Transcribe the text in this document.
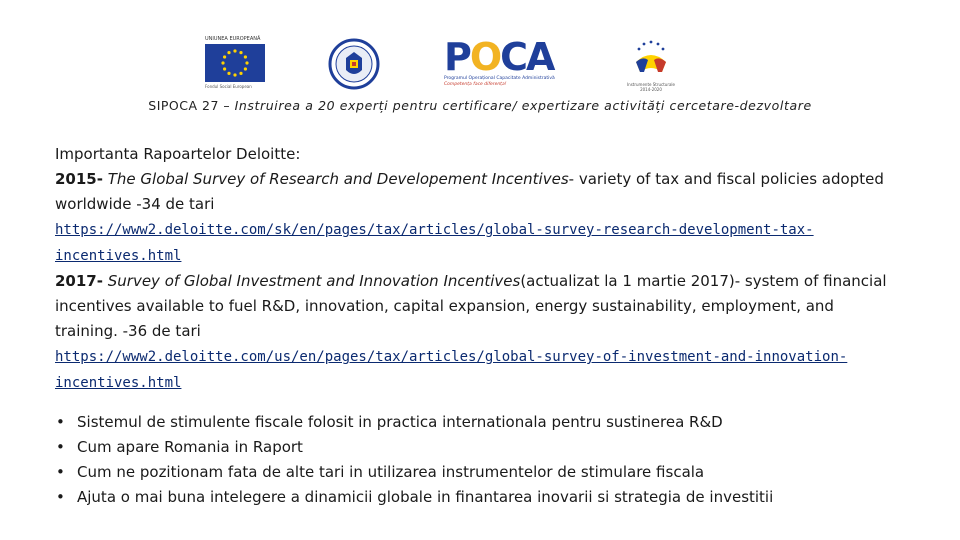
UNIUNEA EUROPEANĂ
Fondul Social European
POCA
Programul Operațional Capacitate Administrativă
Competența face diferența!	Instrumente Structurale
2014-2020
SIPOCA 27 – Instruirea a 20 experți pentru certificare/ expertizare activități cercetare-dezvoltare

Importanta Rapoartelor Deloitte:

2015- The Global Survey of Research and Developement Incentives- variety of tax and fiscal policies adopted worldwide -34 de tari

https://www2.deloitte.com/sk/en/pages/tax/articles/global-survey-research-development-tax-incentives.html

2017- Survey of Global Investment and Innovation Incentives(actualizat la 1 martie 2017)- system of financial incentives available to fuel R&D, innovation, capital expansion, energy sustainability, employment, and training. -36 de tari

https://www2.deloitte.com/us/en/pages/tax/articles/global-survey-of-investment-and-innovation-incentives.html

• Sistemul de stimulente fiscale folosit in practica internationala pentru sustinerea R&D
• Cum apare Romania in Raport
• Cum ne pozitionam fata de alte tari in utilizarea instrumentelor de stimulare fiscala
• Ajuta o mai buna intelegere a dinamicii globale in finantarea inovarii si strategia de investitii
